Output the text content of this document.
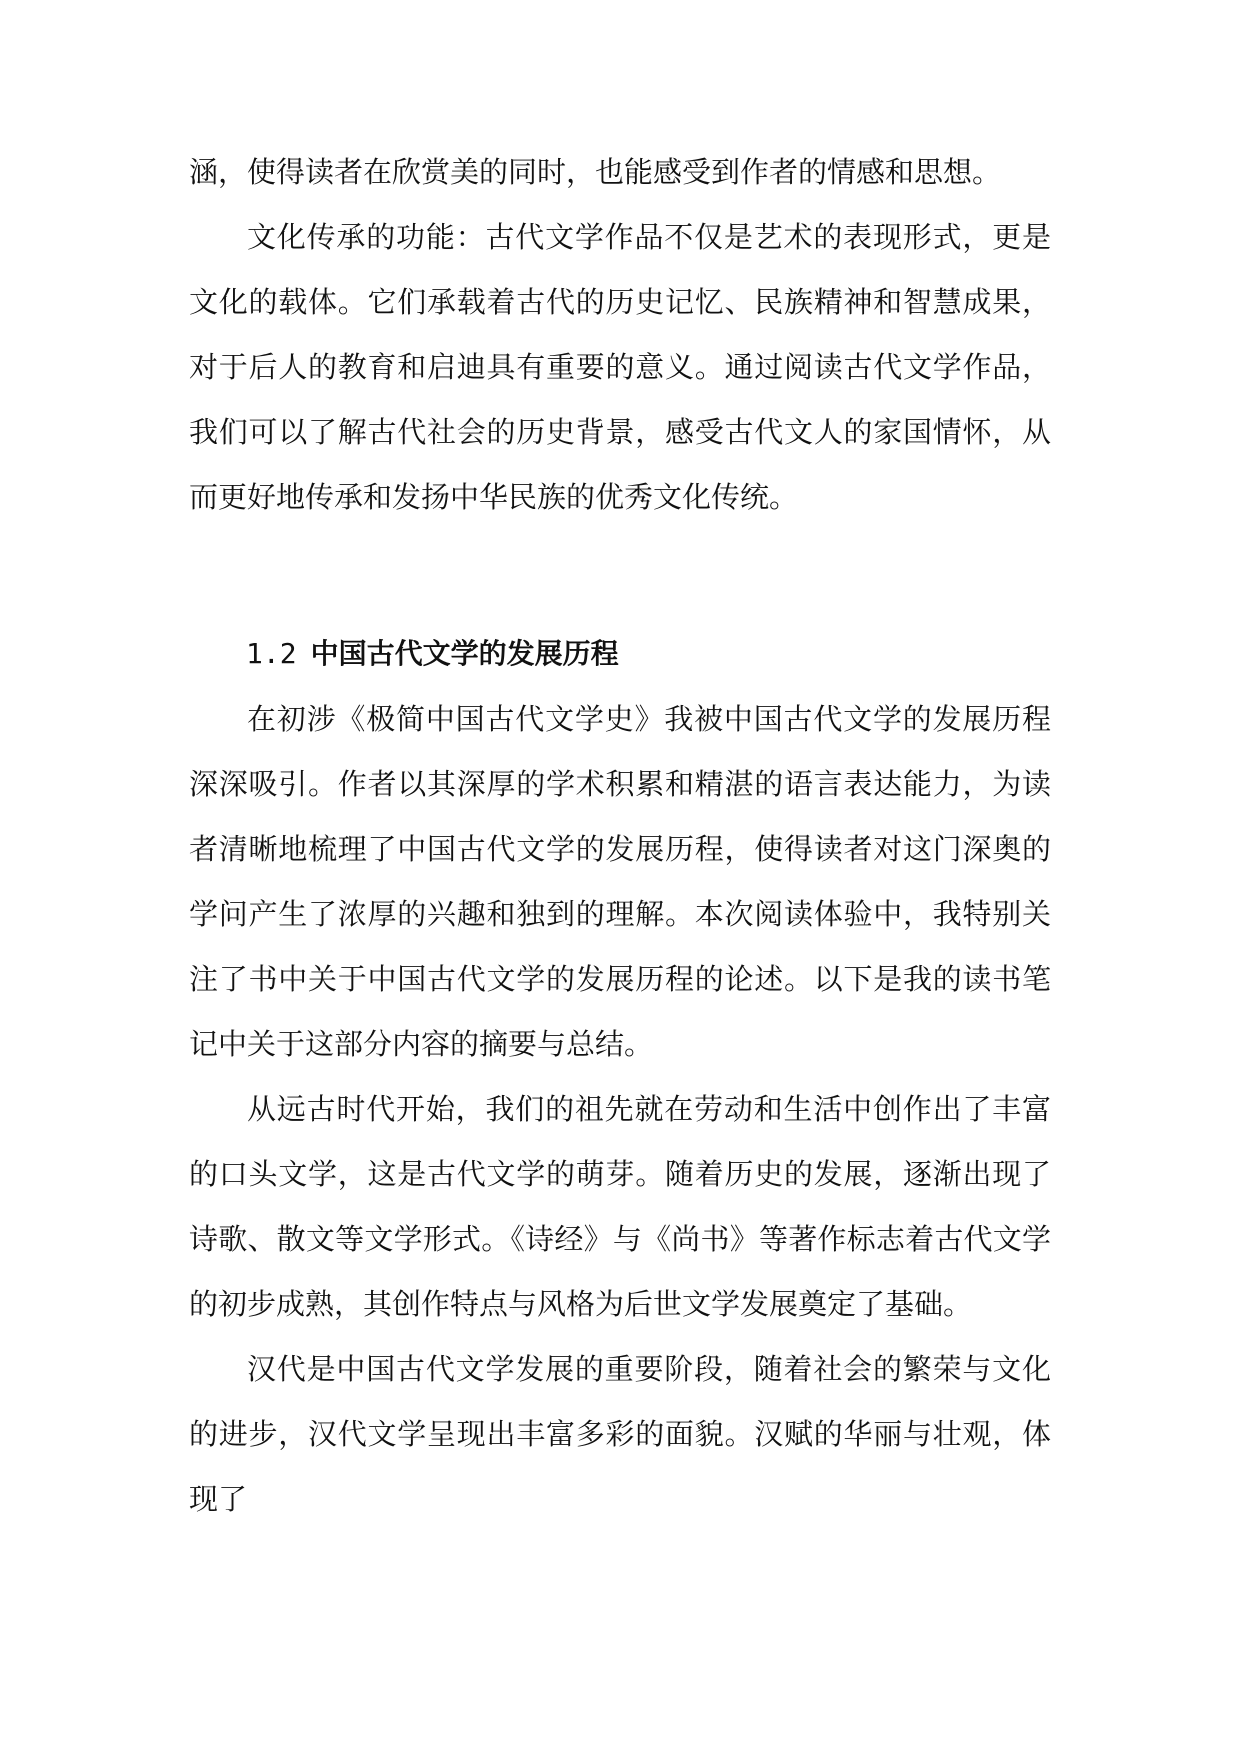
涵，使得读者在欣赏美的同时，也能感受到作者的情感和思想。

文化传承的功能：古代文学作品不仅是艺术的表现形式，更是文化的载体。它们承载着古代的历史记忆、民族精神和智慧成果，对于后人的教育和启迪具有重要的意义。通过阅读古代文学作品，我们可以了解古代社会的历史背景，感受古代文人的家国情怀，从而更好地传承和发扬中华民族的优秀文化传统。

1.2 中国古代文学的发展历程

在初涉《极简中国古代文学史》我被中国古代文学的发展历程深深吸引。作者以其深厚的学术积累和精湛的语言表达能力，为读者清晰地梳理了中国古代文学的发展历程，使得读者对这门深奥的学问产生了浓厚的兴趣和独到的理解。本次阅读体验中，我特别关注了书中关于中国古代文学的发展历程的论述。以下是我的读书笔记中关于这部分内容的摘要与总结。

从远古时代开始，我们的祖先就在劳动和生活中创作出了丰富的口头文学，这是古代文学的萌芽。随着历史的发展，逐渐出现了诗歌、散文等文学形式。《诗经》与《尚书》等著作标志着古代文学的初步成熟，其创作特点与风格为后世文学发展奠定了基础。

汉代是中国古代文学发展的重要阶段，随着社会的繁荣与文化的进步，汉代文学呈现出丰富多彩的面貌。汉赋的华丽与壮观，体现了
